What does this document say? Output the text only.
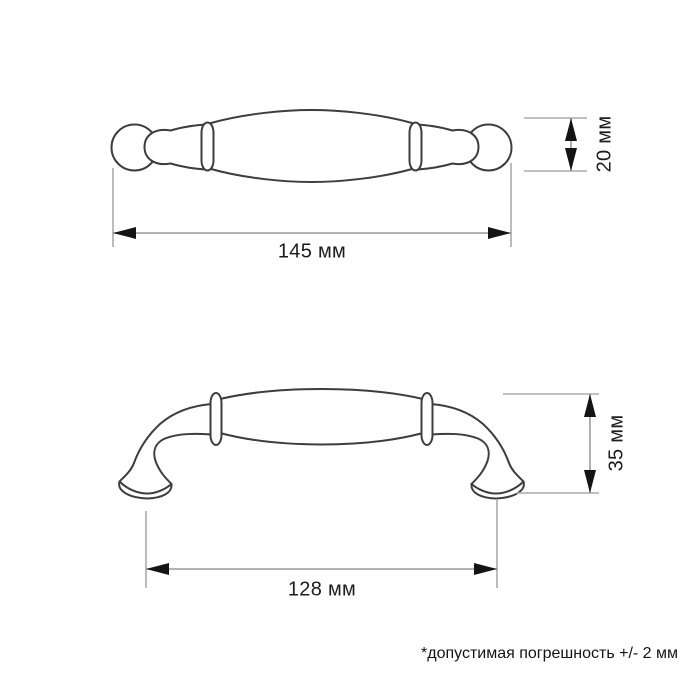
145 мм
20 мм
35 мм
128 мм
*допустимая погрешность +/- 2 мм
